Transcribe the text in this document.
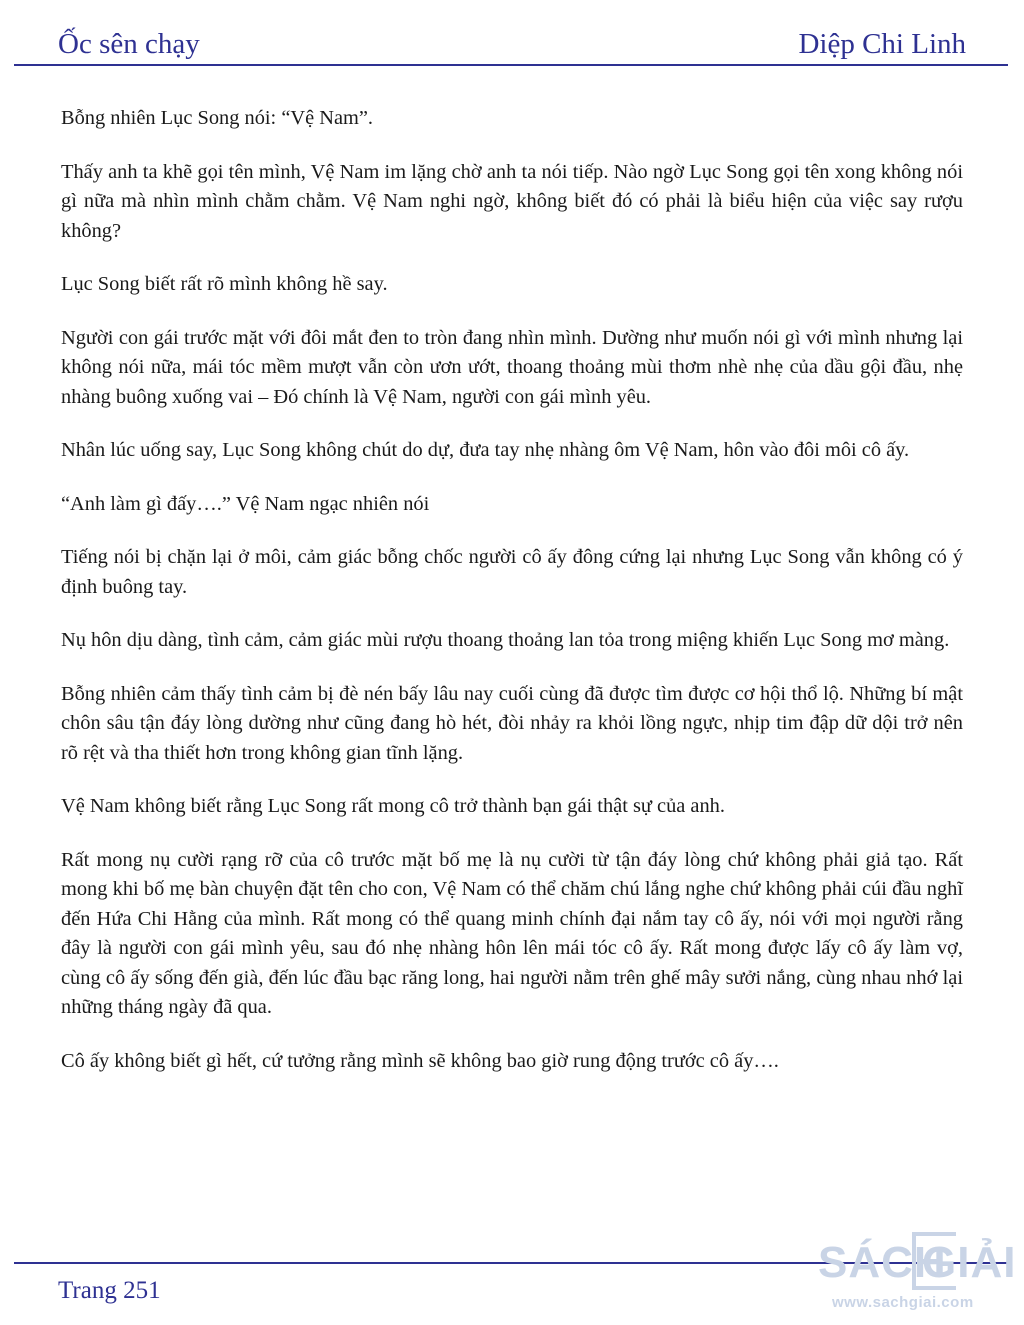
Ốc sên chạy	Diệp Chi Linh

Bỗng nhiên Lục Song nói: “Vệ Nam”.

Thấy anh ta khẽ gọi tên mình, Vệ Nam im lặng chờ anh ta nói tiếp. Nào ngờ Lục Song gọi tên xong không nói gì nữa mà nhìn mình chằm chằm. Vệ Nam nghi ngờ, không biết đó có phải là biểu hiện của việc say rượu không?

Lục Song biết rất rõ mình không hề say.

Người con gái trước mặt với đôi mắt đen to tròn đang nhìn mình. Dường như muốn nói gì với mình nhưng lại không nói nữa, mái tóc mềm mượt vẫn còn ươn ướt, thoang thoảng mùi thơm nhè nhẹ của dầu gội đầu, nhẹ nhàng buông xuống vai – Đó chính là Vệ Nam, người con gái mình yêu.

Nhân lúc uống say, Lục Song không chút do dự, đưa tay nhẹ nhàng ôm Vệ Nam, hôn vào đôi môi cô ấy.

“Anh làm gì đấy….” Vệ Nam ngạc nhiên nói

Tiếng nói bị chặn lại ở môi, cảm giác bỗng chốc người cô ấy đông cứng lại nhưng Lục Song vẫn không có ý định buông tay.

Nụ hôn dịu dàng, tình cảm, cảm giác mùi rượu thoang thoảng lan tỏa trong miệng khiến Lục Song mơ màng.

Bỗng nhiên cảm thấy tình cảm bị đè nén bấy lâu nay cuối cùng đã được tìm được cơ hội thổ lộ. Những bí mật chôn sâu tận đáy lòng dường như cũng đang hò hét, đòi nhảy ra khỏi lồng ngực, nhịp tim đập dữ dội trở nên rõ rệt và tha thiết hơn trong không gian tĩnh lặng.

Vệ Nam không biết rằng Lục Song rất mong cô trở thành bạn gái thật sự của anh.

Rất mong nụ cười rạng rỡ của cô trước mặt bố mẹ là nụ cười từ tận đáy lòng chứ không phải giả tạo. Rất mong khi bố mẹ bàn chuyện đặt tên cho con, Vệ Nam có thể chăm chú lắng nghe chứ không phải cúi đầu nghĩ đến Hứa Chi Hằng của mình. Rất mong có thể quang minh chính đại nắm tay cô ấy, nói với mọi người rằng đây là người con gái mình yêu, sau đó nhẹ nhàng hôn lên mái tóc cô ấy. Rất mong được lấy cô ấy làm vợ, cùng cô ấy sống đến già, đến lúc đầu bạc răng long, hai người nằm trên ghế mây sưởi nắng, cùng nhau nhớ lại những tháng ngày đã qua.

Cô ấy không biết gì hết, cứ tưởng rằng mình sẽ không bao giờ rung động trước cô ấy….

Trang 251
SÁCH
GIẢI
www.sachgiai.com
